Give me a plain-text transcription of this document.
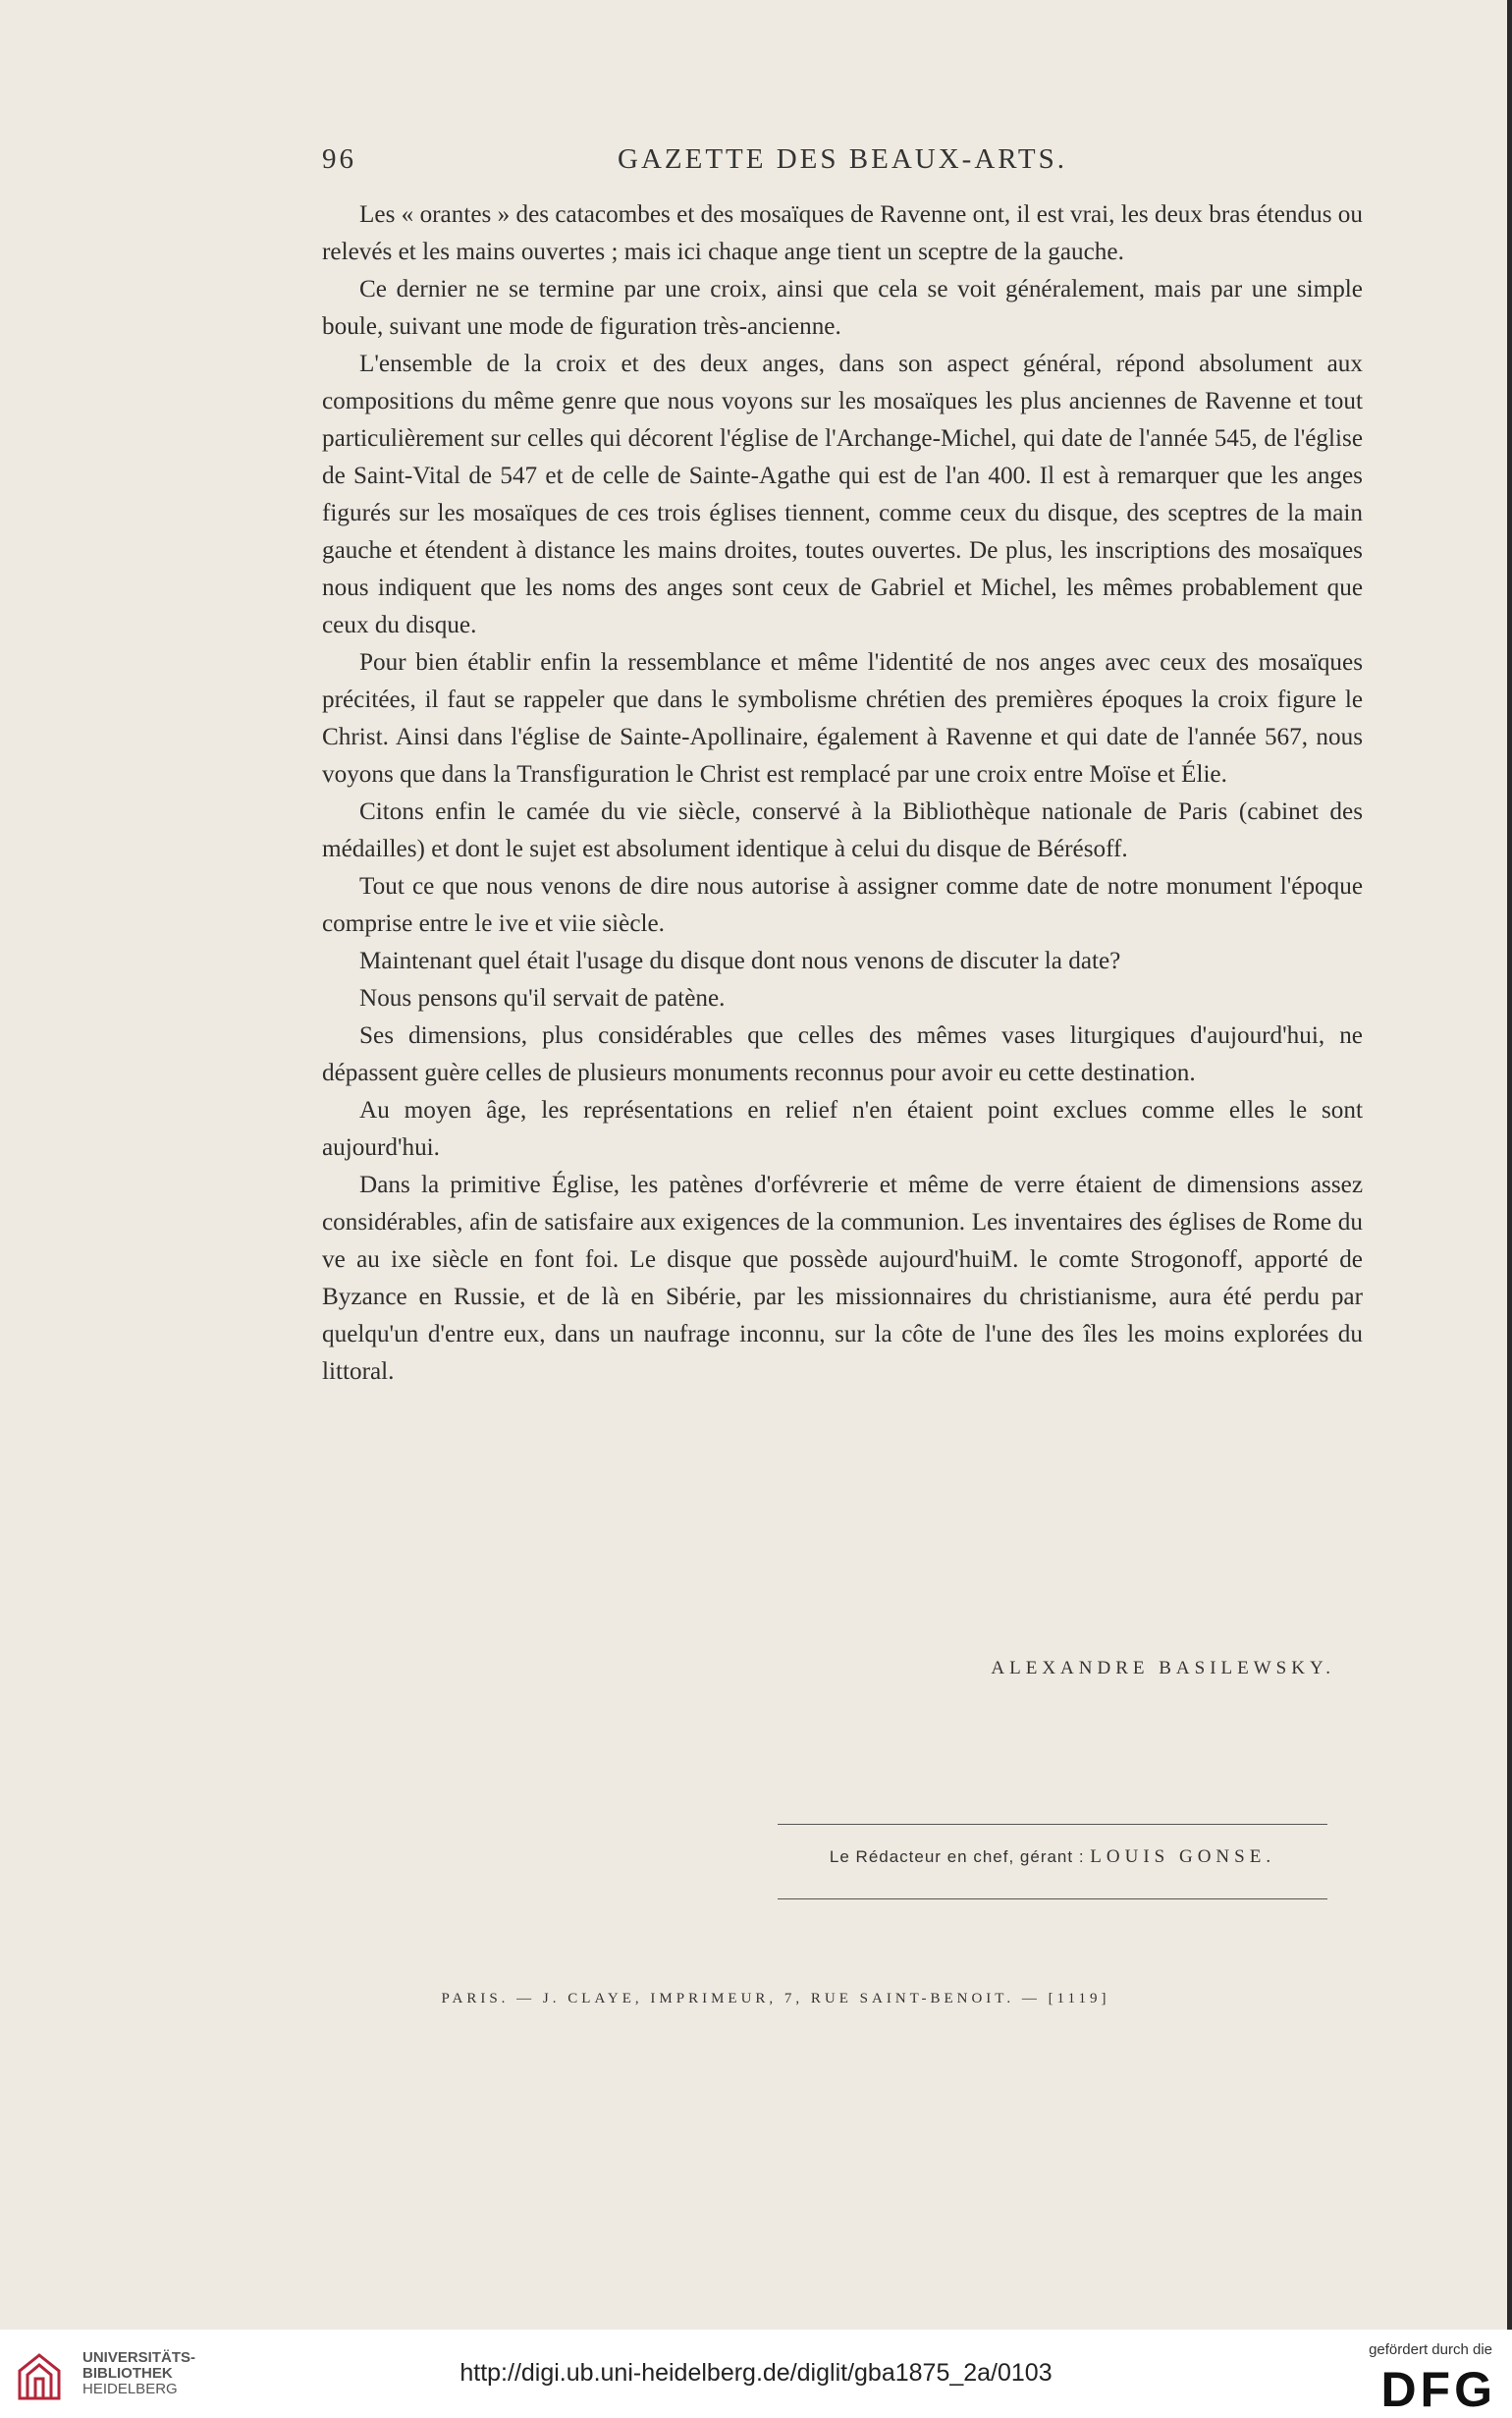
96	GAZETTE DES BEAUX-ARTS.

Les « orantes » des catacombes et des mosaïques de Ravenne ont, il est vrai, les deux bras étendus ou relevés et les mains ouvertes ; mais ici chaque ange tient un sceptre de la gauche.

Ce dernier ne se termine par une croix, ainsi que cela se voit généralement, mais par une simple boule, suivant une mode de figuration très-ancienne.

L'ensemble de la croix et des deux anges, dans son aspect général, répond absolument aux compositions du même genre que nous voyons sur les mosaïques les plus anciennes de Ravenne et tout particulièrement sur celles qui décorent l'église de l'Archange-Michel, qui date de l'année 545, de l'église de Saint-Vital de 547 et de celle de Sainte-Agathe qui est de l'an 400. Il est à remarquer que les anges figurés sur les mosaïques de ces trois églises tiennent, comme ceux du disque, des sceptres de la main gauche et étendent à distance les mains droites, toutes ouvertes. De plus, les inscriptions des mosaïques nous indiquent que les noms des anges sont ceux de Gabriel et Michel, les mêmes probablement que ceux du disque.

Pour bien établir enfin la ressemblance et même l'identité de nos anges avec ceux des mosaïques précitées, il faut se rappeler que dans le symbolisme chrétien des premières époques la croix figure le Christ. Ainsi dans l'église de Sainte-Apollinaire, également à Ravenne et qui date de l'année 567, nous voyons que dans la Transfiguration le Christ est remplacé par une croix entre Moïse et Élie.

Citons enfin le camée du vie siècle, conservé à la Bibliothèque nationale de Paris (cabinet des médailles) et dont le sujet est absolument identique à celui du disque de Bérésoff.

Tout ce que nous venons de dire nous autorise à assigner comme date de notre monument l'époque comprise entre le ive et viie siècle.

Maintenant quel était l'usage du disque dont nous venons de discuter la date?

Nous pensons qu'il servait de patène.

Ses dimensions, plus considérables que celles des mêmes vases liturgiques d'aujourd'hui, ne dépassent guère celles de plusieurs monuments reconnus pour avoir eu cette destination.

Au moyen âge, les représentations en relief n'en étaient point exclues comme elles le sont aujourd'hui.

Dans la primitive Église, les patènes d'orfévrerie et même de verre étaient de dimensions assez considérables, afin de satisfaire aux exigences de la communion. Les inventaires des églises de Rome du ve au ixe siècle en font foi. Le disque que possède aujourd'huiM. le comte Strogonoff, apporté de Byzance en Russie, et de là en Sibérie, par les missionnaires du christianisme, aura été perdu par quelqu'un d'entre eux, dans un naufrage inconnu, sur la côte de l'une des îles les moins explorées du littoral.

ALEXANDRE BASILEWSKY.
Le Rédacteur en chef, gérant : LOUIS GONSE.
PARIS. — J. CLAYE, IMPRIMEUR, 7, RUE SAINT-BENOIT. — [1119]
UNIVERSITÄTS-
BIBLIOTHEK
HEIDELBERG
http://digi.ub.uni-heidelberg.de/diglit/gba1875_2a/0103
gefördert durch die
DFG
